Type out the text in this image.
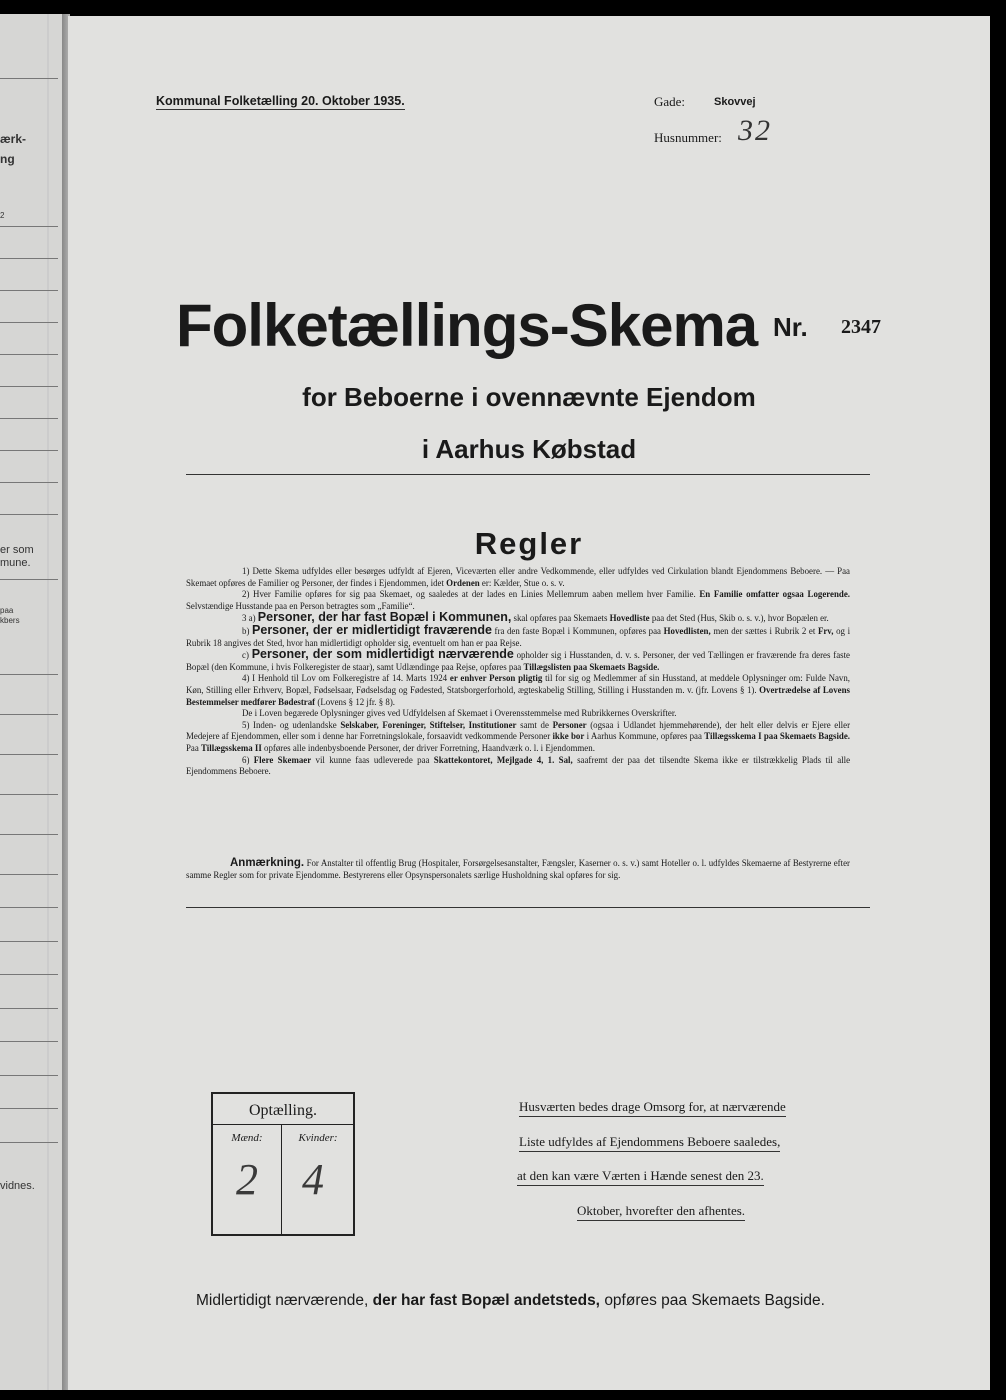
ærk-
ng
2
er som
mune.
paa
kbers
vidnes.
Kommunal Folketælling 20. Oktober 1935.	Gade:	Skovvej
Husnummer: 32
Folketællings-Skema Nr. 2347
for Beboerne i ovennævnte Ejendom
i Aarhus Købstad
Regler

1) Dette Skema udfyldes eller besørges udfyldt af Ejeren, Viceværten eller andre Vedkommende, eller udfyldes ved Cirkulation blandt Ejendommens Beboere. — Paa Skemaet opføres de Familier og Personer, der findes i Ejendommen, idet Ordenen er: Kælder, Stue o. s. v.

2) Hver Familie opføres for sig paa Skemaet, og saaledes at der lades en Linies Mellemrum aaben mellem hver Familie. En Familie omfatter ogsaa Logerende. Selvstændige Husstande paa en Person betragtes som „Familie“.

3 a) Personer, der har fast Bopæl i Kommunen, skal opføres paa Skemaets Hovedliste paa det Sted (Hus, Skib o. s. v.), hvor Bopælen er.

b) Personer, der er midlertidigt fraværende fra den faste Bopæl i Kommunen, opføres paa Hovedlisten, men der sættes i Rubrik 2 et Frv, og i Rubrik 18 angives det Sted, hvor han midlertidigt opholder sig, eventuelt om han er paa Rejse.

c) Personer, der som midlertidigt nærværende opholder sig i Husstanden, d. v. s. Personer, der ved Tællingen er fraværende fra deres faste Bopæl (den Kommune, i hvis Folkeregister de staar), samt Udlændinge paa Rejse, opføres paa Tillægslisten paa Skemaets Bagside.

4) I Henhold til Lov om Folkeregistre af 14. Marts 1924 er enhver Person pligtig til for sig og Medlemmer af sin Husstand, at meddele Oplysninger om: Fulde Navn, Køn, Stilling eller Erhverv, Bopæl, Fødselsaar, Fødselsdag og Fødested, Statsborgerforhold, ægteskabelig Stilling, Stilling i Husstanden m. v. (jfr. Lovens § 1). Overtrædelse af Lovens Bestemmelser medfører Bødestraf (Lovens § 12 jfr. § 8).

De i Loven begærede Oplysninger gives ved Udfyldelsen af Skemaet i Overensstemmelse med Rubrikkernes Overskrifter.

5) Inden- og udenlandske Selskaber, Foreninger, Stiftelser, Institutioner samt de Personer (ogsaa i Udlandet hjemmehørende), der helt eller delvis er Ejere eller Medejere af Ejendommen, eller som i denne har Forretningslokale, forsaavidt vedkommende Personer ikke bor i Aarhus Kommune, opføres paa Tillægsskema I paa Skemaets Bagside. Paa Tillægsskema II opføres alle indenbysboende Personer, der driver Forretning, Haandværk o. l. i Ejendommen.

6) Flere Skemaer vil kunne faas udleverede paa Skattekontoret, Mejlgade 4, 1. Sal, saafremt der paa det tilsendte Skema ikke er tilstrækkelig Plads til alle Ejendommens Beboere.

Anmærkning. For Anstalter til offentlig Brug (Hospitaler, Forsørgelsesanstalter, Fængsler, Kaserner o. s. v.) samt Hoteller o. l. udfyldes Skemaerne af Bestyrerne efter samme Regler som for private Ejendomme. Bestyrerens eller Opsynspersonalets særlige Husholdning skal opføres for sig.

Optælling.
Mænd:	Kvinder:
2	4
Husværten bedes drage Omsorg for, at nærværende
Liste udfyldes af Ejendommens Beboere saaledes,
at den kan være Værten i Hænde senest den 23.
Oktober, hvorefter den afhentes.
Midlertidigt nærværende, der har fast Bopæl andetsteds, opføres paa Skemaets Bagside.
